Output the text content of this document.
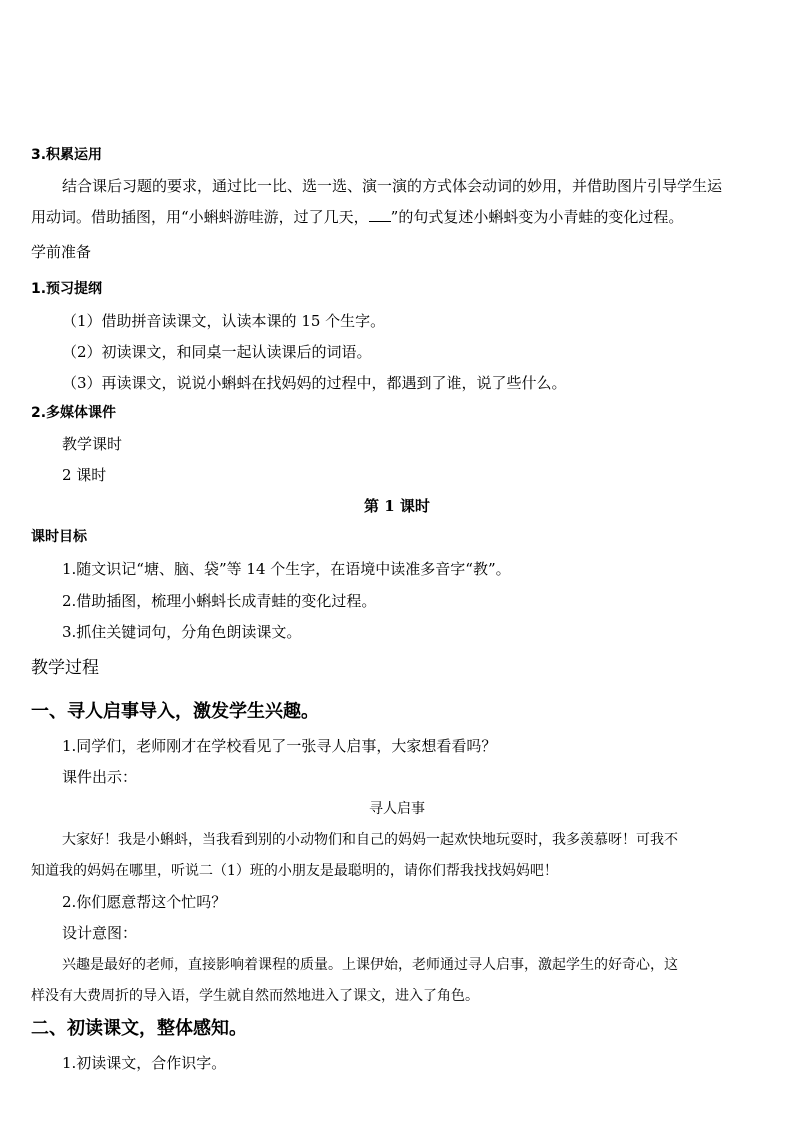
3.积累运用
结合课后习题的要求，通过比一比、选一选、演一演的方式体会动词的妙用，并借助图片引导学生运
用动词。借助插图，用“小蝌蚪游哇游，过了几天， ”的句式复述小蝌蚪变为小青蛙的变化过程。
学前准备
1.预习提纲
（1）借助拼音读课文，认读本课的 15 个生字。
（2）初读课文，和同桌一起认读课后的词语。
（3）再读课文，说说小蝌蚪在找妈妈的过程中，都遇到了谁，说了些什么。
2.多媒体课件
教学课时
2 课时
第 1 课时
课时目标
1.随文识记“塘、脑、袋”等 14 个生字，在语境中读准多音字“教”。
2.借助插图，梳理小蝌蚪长成青蛙的变化过程。
3.抓住关键词句，分角色朗读课文。
教学过程
一、寻人启事导入，激发学生兴趣。
1.同学们，老师刚才在学校看见了一张寻人启事，大家想看看吗？
课件出示：
寻人启事
大家好！我是小蝌蚪，当我看到别的小动物们和自己的妈妈一起欢快地玩耍时，我多羡慕呀！可我不
知道我的妈妈在哪里，听说二（1）班的小朋友是最聪明的，请你们帮我找找妈妈吧！
2.你们愿意帮这个忙吗？
设计意图：
兴趣是最好的老师，直接影响着课程的质量。上课伊始，老师通过寻人启事，激起学生的好奇心，这
样没有大费周折的导入语，学生就自然而然地进入了课文，进入了角色。
二、初读课文，整体感知。
1.初读课文，合作识字。
